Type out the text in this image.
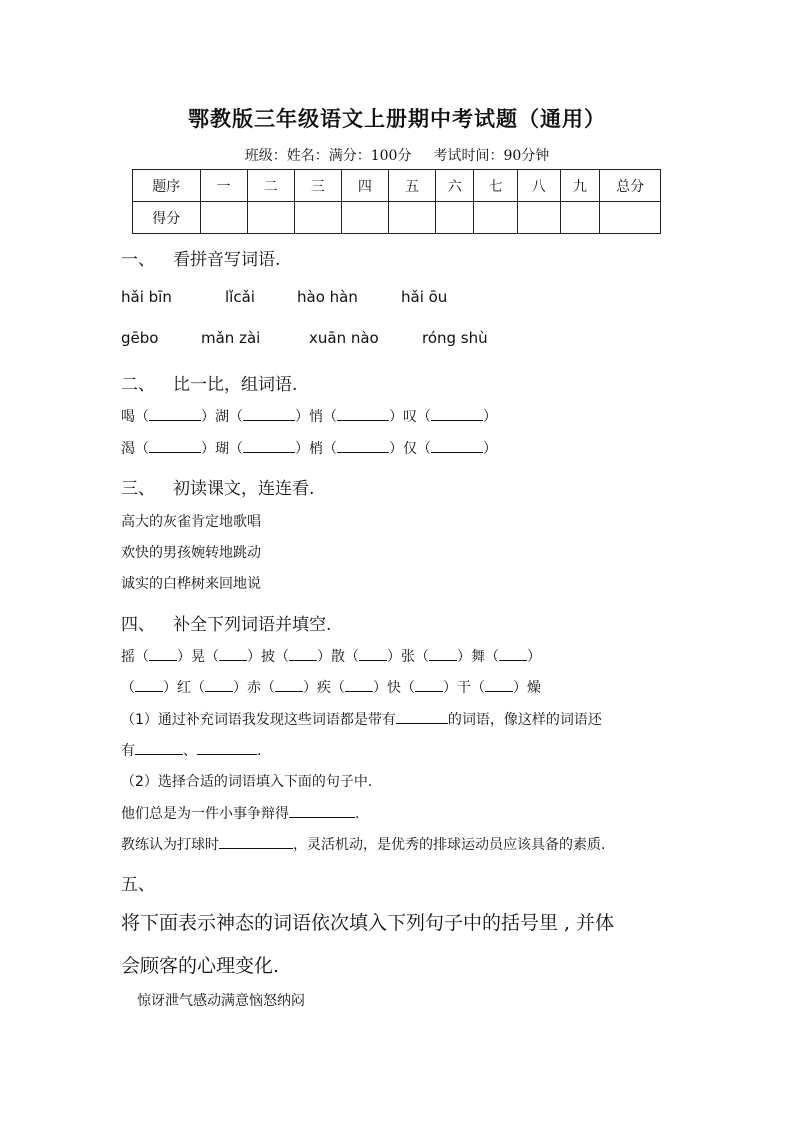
鄂教版三年级语文上册期中考试题（通用）
班级：姓名：满分：100分 考试时间：90分钟
题序	一	二	三	四	五	六	七	八	九	总分
得分										
一、 看拼音写词语.
hǎi bīn	lǐcǎi	hào hàn	hǎi ōu
gēbo	mǎn zài	xuān nào	róng shù
二、 比一比，组词语.
喝（	）湖（	）悄（	）叹（	）
渴（	）瑚（	）梢（	）仅（	）
三、 初读课文，连连看.
高大的灰雀肯定地歌唱
欢快的男孩婉转地跳动
诚实的白桦树来回地说
四、 补全下列词语并填空.
摇（ ）晃（ ）披（ ）散（ ）张（ ）舞（ ）
（ ）红（ ）赤（ ）疾（ ）快（ ）干（ ）燥
（1）通过补充词语我发现这些词语都是带有	的词语，像这样的词语还
有	、	.
（2）选择合适的词语填入下面的句子中.
他们总是为一件小事争辩得	.
教练认为打球时	，灵活机动，是优秀的排球运动员应该具备的素质.
五、
将下面表示神态的词语依次填入下列句子中的括号里 , 并体
会顾客的心理变化.
惊讶泄气感动满意恼怒纳闷
